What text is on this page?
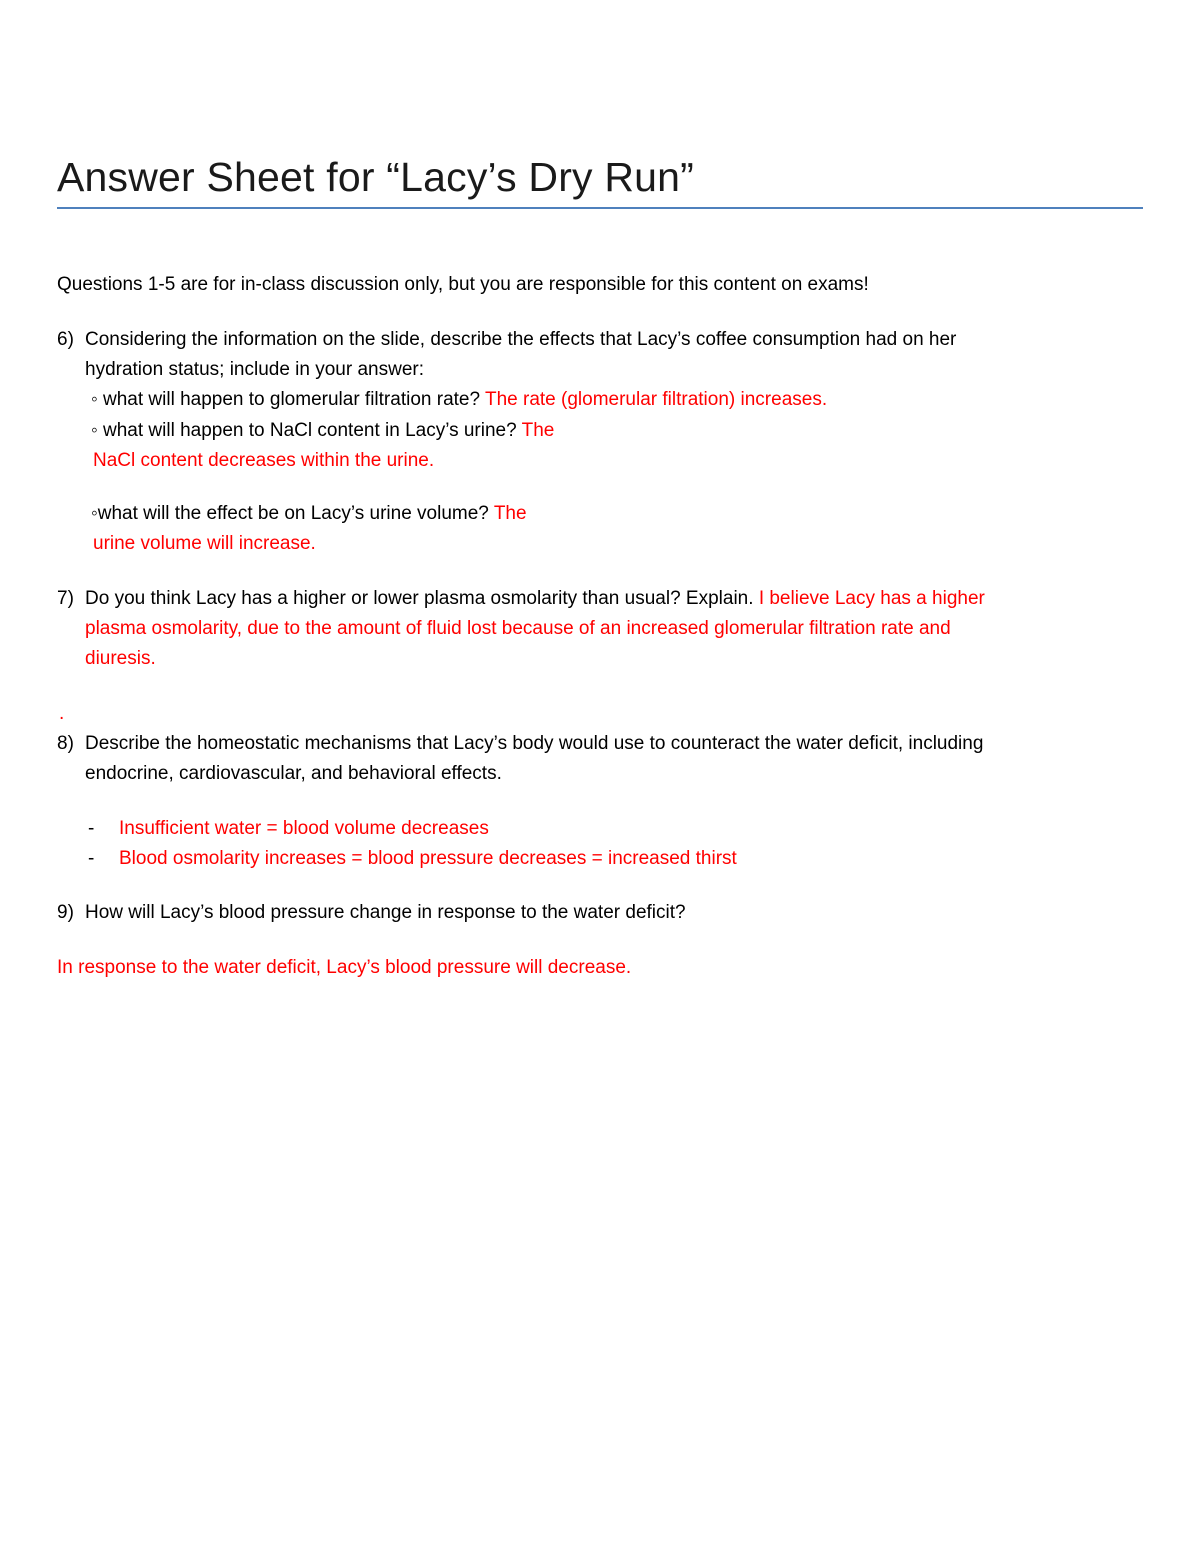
Answer Sheet for “Lacy’s Dry Run”
Questions 1-5 are for in-class discussion only, but you are responsible for this content on exams!
6) Considering the information on the slide, describe the effects that Lacy’s coffee consumption had on her
hydration status; include in your answer:
◦ what will happen to glomerular filtration rate? The rate (glomerular filtration) increases.
◦ what will happen to NaCl content in Lacy’s urine? The
NaCl content decreases within the urine.
◦what will the effect be on Lacy’s urine volume? The
urine volume will increase.
7) Do you think Lacy has a higher or lower plasma osmolarity than usual? Explain. I believe Lacy has a higher
plasma osmolarity, due to the amount of fluid lost because of an increased glomerular filtration rate and
diuresis.
.
8) Describe the homeostatic mechanisms that Lacy’s body would use to counteract the water deficit, including
endocrine, cardiovascular, and behavioral effects.
- Insufficient water = blood volume decreases
- Blood osmolarity increases = blood pressure decreases = increased thirst
9) How will Lacy’s blood pressure change in response to the water deficit?
In response to the water deficit, Lacy’s blood pressure will decrease.
